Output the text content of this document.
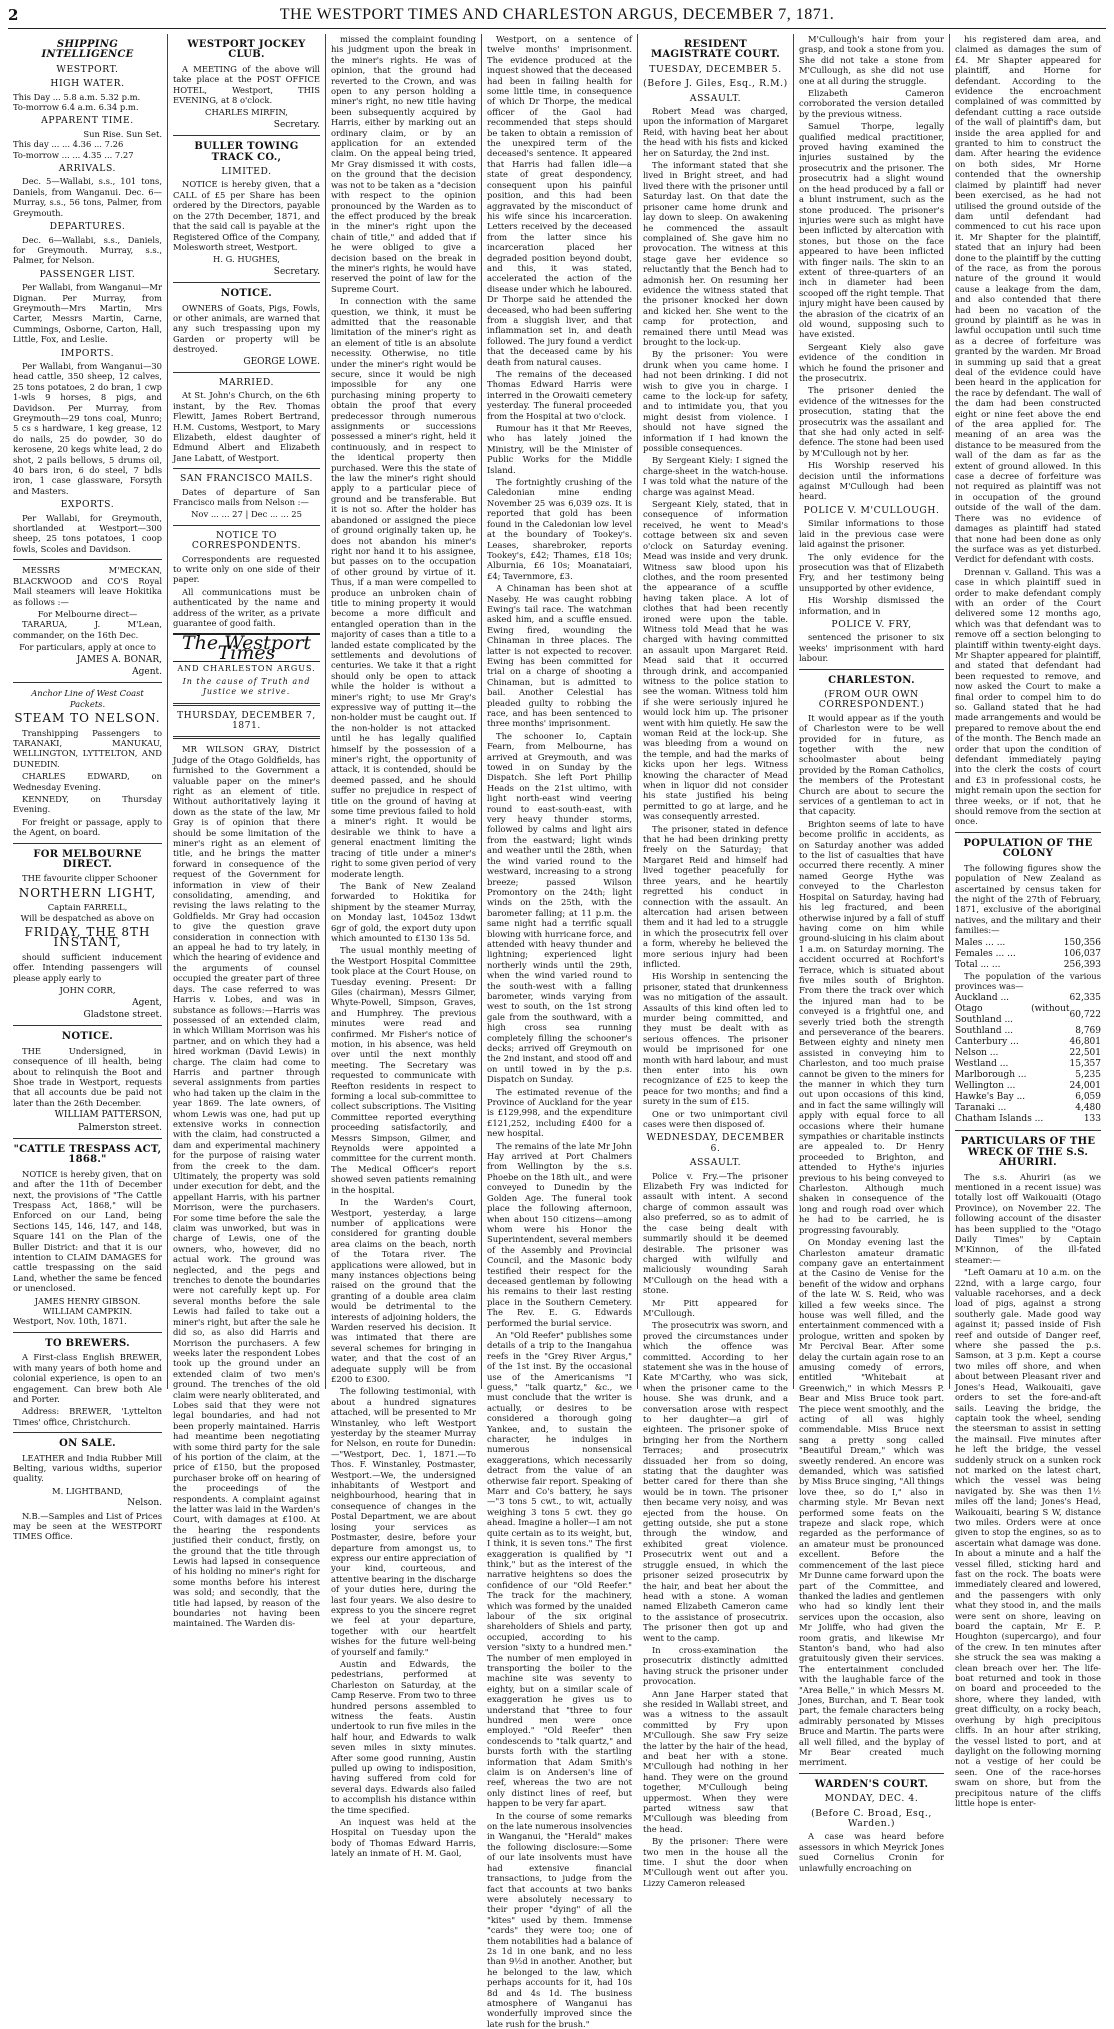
2	THE WESTPORT TIMES AND CHARLESTON ARGUS, DECEMBER 7, 1871.
SHIPPING INTELLIGENCE
WESTPORT.
HIGH WATER.
This Day ... 5.8 a.m. 5.32 p.m.
To-morrow 6.4 a.m. 6.34 p.m.
APPARENT TIME.
Sun Rise. Sun Set.
This day ... ... 4.36 ... 7.26
To-morrow ... ... 4.35 ... 7.27
ARRIVALS.

Dec. 5—Wallabi, s.s., 101 tons, Daniels, from Wanganui. Dec. 6—Murray, s.s., 56 tons, Palmer, from Greymouth.

DEPARTURES.

Dec. 6—Wallabi, s.s., Daniels, for Greymouth. Murray, s.s., Palmer, for Nelson.

PASSENGER LIST.

Per Wallabi, from Wanganui—Mr Dignan. Per Murray, from Greymouth—Mrs Martin, Mrs Carter, Messrs Martin, Carne, Cummings, Osborne, Carton, Hall, Little, Fox, and Leslie.

IMPORTS.

Per Wallabi, from Wanganui—30 head cattle, 350 sheep, 12 calves, 25 tons potatoes, 2 do bran, 1 cwp 1-wls 9 horses, 8 pigs, and Davidson. Per Murray, from Greymouth—29 tons coal, Munro; 5 cs s hardware, 1 keg grease, 12 do nails, 25 do powder, 30 do kerosene, 20 kegs white lead, 2 do shot, 2 pails bellows, 5 drums oil, 40 bars iron, 6 do steel, 7 bdls iron, 1 case glassware, Forsyth and Masters.

EXPORTS.

Per Wallabi, for Greymouth, shortlanded at Westport—300 sheep, 25 tons potatoes, 1 coop fowls, Scoles and Davidson.

MESSRS M'MECKAN, BLACKWOOD and CO'S Royal Mail steamers will leave Hokitika as follows :—

For Melbourne direct—

TARARUA, J. M'Lean, commander, on the 16th Dec.

For particulars, apply at once to
JAMES A. BONAR,
Agent.
Anchor Line of West Coast Packets.
STEAM TO NELSON.

Transhipping Passengers to TARANAKI, MANUKAU, WELLINGTON, LYTTELTON, AND DUNEDIN.

CHARLES EDWARD, on Wednesday Evening.

KENNEDY, on Thursday Evening.

For freight or passage, apply to the Agent, on board.

FOR MELBOURNE DIRECT.

THE favourite clipper Schooner

NORTHERN LIGHT,
Captain FARRELL,
Will be despatched as above on
FRIDAY, THE 8TH INSTANT,

should sufficient inducement offer. Intending passengers will please apply early to

JOHN CORR,
Agent,
Gladstone street.
NOTICE.

THE Undersigned, in consequence of ill health, being about to relinquish the Boot and Shoe trade in Westport, requests that all accounts due be paid not later than the 26th December.

WILLIAM PATTERSON,
Palmerston street.
"CATTLE TRESPASS ACT, 1868."

NOTICE is hereby given, that on and after the 11th of December next, the provisions of "The Cattle Trespass Act, 1868," will be Enforced on our Land, being Sections 145, 146, 147, and 148, Square 141 on the Plan of the Buller District: and that it is our intention to CLAIM DAMAGES for cattle trespassing on the said Land, whether the same be fenced or unenclosed.

JAMES HENRY GIBSON.
WILLIAM CAMPKIN.
Westport, Nov. 10th, 1871.
TO BREWERS.

A First-class English BREWER, with many years of both home and colonial experience, is open to an engagement. Can brew both Ale and Porter.

Address: BREWER, 'Lyttelton Times' office, Christchurch.

ON SALE.

LEATHER and India Rubber Mill Belting, various widths, superior quality.

M. LIGHTBAND,
Nelson.

N.B.—Samples and List of Prices may be seen at the WESTPORT TIMES Office.

WESTPORT JOCKEY CLUB.

A MEETING of the above will take place at the POST OFFICE HOTEL, Westport, THIS EVENING, at 8 o'clock.

CHARLES MIRFIN,
Secretary.
BULLER TOWING TRACK CO.,
LIMITED.

NOTICE is hereby given, that a CALL of £5 per Share has been ordered by the Directors, payable on the 27th December, 1871, and that the said call is payable at the Registered Office of the Company, Molesworth street, Westport.

H. G. HUGHES,
Secretary.
NOTICE.

OWNERS of Goats, Pigs, Fowls, or other animals, are warned that any such trespassing upon my Garden or property will be destroyed.

GEORGE LOWE.
MARRIED.

At St. John's Church, on the 6th instant, by the Rev. Thomas Flewitt, James Robert Bertrand, H.M. Customs, Westport, to Mary Elizabeth, eldest daughter of Edmund Albert and Elizabeth Jane Labatt, of Westport.

SAN FRANCISCO MAILS.

Dates of departure of San Francisco mails from Nelson :—

Nov ... ... 27 | Dec ... ... 25
NOTICE TO CORRESPONDENTS.

Correspondents are requested to write only on one side of their paper.

All communications must be authenticated by the name and address of the writer, as a private guarantee of good faith.

The Westport Times
AND CHARLESTON ARGUS.
In the cause of Truth and Justice we strive.
THURSDAY, DECEMBER 7, 1871.

MR WILSON GRAY, District Judge of the Otago Goldfields, has furnished to the Government a valuable paper on the miner's right as an element of title. Without authoritatively laying it down as the state of the law, Mr Gray is of opinion that there should be some limitation of the miner's right as an element of title, and he brings the matter forward in consequence of the request of the Government for information in view of their consolidating, amending, and revising the laws relating to the Goldfields. Mr Gray had occasion to give the question grave consideration in connection with an appeal he had to try lately, in which the hearing of evidence and the arguments of counsel occupied the greater part of three days. The case referred to was Harris v. Lobes, and was in substance as follows:—Harris was possessed of an extended claim, in which William Morrison was his partner, and on which they had a hired workman (David Lewis) in charge. The claim had come to Harris and partner through several assignments from parties who had taken up the claim in the year 1869. The late owners, of whom Lewis was one, had put up extensive works in connection with the claim, had constructed a dam and experimental machinery for the purpose of raising water from the creek to the dam. Ultimately, the property was sold under execution for debt, and the appellant Harris, with his partner Morrison, were the purchasers. For some time before the sale the claim was unworked, but was in charge of Lewis, one of the owners, who, however, did no actual work. The ground was neglected, and the pegs and trenches to denote the boundaries were not carefully kept up. For several months before the sale Lewis had failed to take out a miner's right, but after the sale he did so, as also did Harris and Morrison the purchasers. A few weeks later the respondent Lobes took up the ground under an extended claim of two men's ground. The trenches of the old claim were nearly obliterated, and Lobes said that they were not legal boundaries, and had not been properly maintained. Harris had meantime been negotiating with some third party for the sale of his portion of the claim, at the price of £150, but the proposed purchaser broke off on hearing of the proceedings of the respondents. A complaint against the latter was laid in the Warden's Court, with damages at £100. At the hearing the respondents justified their conduct, firstly, on the ground that the title through Lewis had lapsed in consequence of his holding no miner's right for some months before his interest was sold; and secondly, that the title had lapsed, by reason of the boundaries not having been maintained. The Warden dis-

missed the complaint founding his judgment upon the break in the miner's rights. He was of opinion, that the ground had reverted to the Crown, and was open to any person holding a miner's right, no new title having been subsequently acquired by Harris, either by marking out an ordinary claim, or by an application for an extended claim. On the appeal being tried, Mr Gray dismissed it with costs, on the ground that the decision was not to be taken as a "decision with respect to the opinion pronounced by the Warden as to the effect produced by the break in the miner's right upon the chain of title," and added that if he were obliged to give a decision based on the break in the miner's rights, he would have reserved the point of law for the Supreme Court.

In connection with the same question, we think, it must be admitted that the reasonable limitation of the miner's right as an element of title is an absolute necessity. Otherwise, no title under the miner's right would be secure, since it would be nigh impossible for any one purchasing mining property to obtain the proof that every predecessor through numerous assignments or successions possessed a miner's right, held it continuously, and in respect to the identical property then purchased. Were this the state of the law the miner's right should apply to a particular piece of ground and be transferable. But it is not so. After the holder has abandoned or assigned the piece of ground originally taken up, he does not abandon his miner's right nor hand it to his assignee, but passes on to the occupation of other ground by virtue of it. Thus, if a man were compelled to produce an unbroken chain of title to mining property it would become a more difficult and entangled operation than in the majority of cases than a title to a landed estate complicated by the settlements and devolutions of centuries. We take it that a right should only be open to attack while the holder is without a miner's right; to use Mr Gray's expressive way of putting it—the non-holder must be caught out. If the non-holder is not attacked until he has legally qualified himself by the possession of a miner's right, the opportunity of attack, it is contended, should be deemed passed, and he should suffer no prejudice in respect of title on the ground of having at some time previous failed to hold a miner's right. It would be desirable we think to have a general enactment limiting the tracing of title under a miner's right to some given period of very moderate length.

The Bank of New Zealand forwarded to Hokitika for shipment by the steamer Murray, on Monday last, 1045oz 13dwt 6gr of gold, the export duty upon which amounted to £130 13s 5d.

The usual monthly meeting of the Westport Hospital Committee took place at the Court House, on Tuesday evening. Present: Dr Giles (chairman), Messrs Gilmer, Whyte-Powell, Simpson, Graves, and Humphrey. The previous minutes were read and confirmed. Mr Fisher's notice of motion, in his absence, was held over until the next monthly meeting. The Secretary was requested to communicate with Reefton residents in respect to forming a local sub-committee to collect subscriptions. The Visiting Committee reported everything proceeding satisfactorily, and Messrs Simpson, Gilmer, and Reynolds were appointed a committee for the current month. The Medical Officer's report showed seven patients remaining in the hospital.

In the Warden's Court, Westport, yesterday, a large number of applications were considered for granting double area claims on the beach, north of the Totara river. The applications were allowed, but in many instances objections being raised on the ground that the granting of a double area claim would be detrimental to the interests of adjoining holders, the Warden reserved his decision. It was intimated that there are several schemes for bringing in water, and that the cost of an adequate supply will be from £200 to £300.

The following testimonial, with about a hundred signatures attached, will be presented to Mr Winstanley, who left Westport yesterday by the steamer Murray for Nelson, en route for Dunedin:—"Westport, Dec. 1, 1871.—To Thos. F. Winstanley, Postmaster, Westport.—We, the undersigned inhabitants of Westport and neighbourhood, hearing that in consequence of changes in the Postal Department, we are about losing your services as Postmaster, desire, before your departure from amongst us, to express our entire appreciation of your kind, courteous, and attentive bearing in the discharge of your duties here, during the last four years. We also desire to express to you the sincere regret we feel at your departure, together with our heartfelt wishes for the future well-being of yourself and family."

Austin and Edwards, the pedestrians, performed at Charleston on Saturday, at the Camp Reserve. From two to three hundred persons assembled to witness the feats. Austin undertook to run five miles in the half hour, and Edwards to walk seven miles in sixty minutes. After some good running, Austin pulled up owing to indisposition, having suffered from cold for several days. Edwards also failed to accomplish his distance within the time specified.

An inquest was held at the Hospital on Tuesday upon the body of Thomas Edward Harris, lately an inmate of H. M. Gaol,

Westport, on a sentence of twelve months' imprisonment. The evidence produced at the inquest showed that the deceased had been in failing health for some little time, in consequence of which Dr Thorpe, the medical officer of the Gaol had recommended that steps should be taken to obtain a remission of the unexpired term of the deceased's sentence. It appeared that Harris had fallen idle—a state of great despondency, consequent upon his painful position, and this had been aggravated by the misconduct of his wife since his incarceration. Letters received by the deceased from the latter since his incarceration placed her degraded position beyond doubt, and this, it was stated, accelerated the action of the disease under which he laboured. Dr Thorpe said he attended the deceased, who had been suffering from a sluggish liver, and that inflammation set in, and death followed. The jury found a verdict that the deceased came by his death from natural causes.

The remains of the deceased Thomas Edward Harris were interred in the Orowaiti cemetery yesterday. The funeral proceeded from the Hospital at two o'clock.

Rumour has it that Mr Reeves, who has lately joined the Ministry, will be the Minister of Public Works for the Middle Island.

The fortnightly crushing of the Caledonian mine ending November 25 was 6,039 ozs. It is reported that gold has been found in the Caledonian low level at the boundary of Tookey's. Leases, sharebroker, reports Tookey's, £42; Thames, £18 10s; Alburnia, £6 10s; Moanataiari, £4; Tavernmore, £3.

A Chinaman has been shot at Naseby. He was caught robbing Ewing's tail race. The watchman asked him, and a scuffle ensued. Ewing fired, wounding the Chinaman in three places. The latter is not expected to recover. Ewing has been committed for trial on a charge of shooting a Chinaman, but is admitted to bail. Another Celestial has pleaded guilty to robbing the race, and has been sentenced to three months' imprisonment.

The schooner Io, Captain Fearn, from Melbourne, has arrived at Greymouth, and was towed in on Sunday by the Dispatch. She left Port Phillip Heads on the 21st ultimo, with light north-east wind veering round to east-south-east, with very heavy thunder storms, followed by calms and light airs from the eastward; light winds and weather until the 28th, when the wind varied round to the westward, increasing to a strong breeze; passed Wilson Promontory on the 24th; light winds on the 25th, with the barometer falling; at 11 p.m. the same night had a terrific squall blowing with hurricane force, and attended with heavy thunder and lightning; experienced light northerly winds until the 29th, when the wind varied round to the south-west with a falling barometer, winds varying from west to south, on the 1st strong gale from the southward, with a high cross sea running completely filling the schooner's decks; arrived off Greymouth on the 2nd instant, and stood off and on until towed in by the p.s. Dispatch on Sunday.

The estimated revenue of the Province of Auckland for the year is £129,998, and the expenditure £121,252, including £400 for a new hospital.

The remains of the late Mr John Hay arrived at Port Chalmers from Wellington by the s.s. Phoebe on the 18th ult., and were conveyed to Dunedin by the Golden Age. The funeral took place the following afternoon, when about 150 citizens—among whom were his Honor the Superintendent, several members of the Assembly and Provincial Council, and the Masonic body testified their respect for the deceased gentleman by following his remains to their last resting place in the Southern Cemetery. The Rev. E. G. Edwards performed the burial service.

An "Old Reefer" publishes some details of a trip to the Inangahua reefs in the "Grey River Argus," of the 1st inst. By the occasional use of the Americanisms "I guess," "talk quartz," &c., we must conclude that the writer is actually, or desires to be considered a thorough going Yankee, and, to sustain the character, he indulges in numerous nonsensical exaggerations, which necessarily detract from the value of an otherwise fair report. Speaking of Marr and Co's battery, he says—"3 tons 5 cwt., to wit, actually weighing 3 tons 5 cwt. they go ahead. Imagine a holler—I am not quite certain as to its weight, but, I think, it is seven tons." The first exaggeration is qualified by "I think," but as the interest of the narrative heightens so does the confidence of our "Old Reefer." The track for the machinery, which was formed by the unaided labour of the six original shareholders of Shiels and party, occupied, according to his version "sixty to a hundred men." The number of men employed in transporting the boiler to the machine site was seventy to eighty, but on a similar scale of exaggeration he gives us to understand that "three to four hundred men were once employed." "Old Reefer" then condescends to "talk quartz," and bursts forth with the startling information that Adam Smith's claim is on Andersen's line of reef, whereas the two are not only distinct lines of reef, but happen to be very far apart.

In the course of some remarks on the late numerous insolvencies in Wanganui, the "Herald" makes the following disclosure:—Some of our late insolvents must have had extensive financial transactions, to judge from the fact that accounts at two banks were absolutely necessary to their proper "dying" of all the "kites" used by them. Immense "cards" they were too; one of them notabilities had a balance of 2s 1d in one bank, and no less than 9½d in another. Another, but he belonged to the law, which perhaps accounts for it, had 10s 8d and 4s 1d. The business atmosphere of Wanganui has wonderfully improved since the late rush for the brush."

RESIDENT MAGISTRATE COURT.
TUESDAY, DECEMBER 5.
(Before J. Giles, Esq., R.M.)
ASSAULT.

Robert Mead was charged, upon the information of Margaret Reid, with having beat her about the head with his fists and kicked her on Saturday, the 2nd inst.

The informant stated that she lived in Bright street, and had lived there with the prisoner until Saturday last. On that date the prisoner came home drunk and lay down to sleep. On awakening he commenced the assault complained of. She gave him no provocation. The witness at this stage gave her evidence so reluctantly that the Bench had to admonish her. On resuming her evidence the witness stated that the prisoner knocked her down and kicked her. She went to the camp for protection, and remained there until Mead was brought to the lock-up.

By the prisoner: You were drunk when you came home. I had not been drinking. I did not wish to give you in charge. I came to the lock-up for safety, and to intimidate you, that you might desist from violence. I should not have signed the information if I had known the possible consequences.

By Sergeant Kiely: I signed the charge-sheet in the watch-house. I was told what the nature of the charge was against Mead.

Sergeant Kiely, stated, that in consequence of information received, he went to Mead's cottage between six and seven o'clock on Saturday evening. Mead was inside and very drunk. Witness saw blood upon his clothes, and the room presented the appearance of a scuffle having taken place. A lot of clothes that had been recently ironed were upon the table. Witness told Mead that he was charged with having committed an assault upon Margaret Reid. Mead said that it occurred through drink, and accompanied witness to the police station to see the woman. Witness told him if she were seriously injured he would lock him up. The prisoner went with him quietly. He saw the woman Reid at the lock-up. She was bleeding from a wound on the temple, and had the marks of kicks upon her legs. Witness knowing the character of Mead when in liquor did not consider his state justified his being permitted to go at large, and he was consequently arrested.

The prisoner, stated in defence that he had been drinking pretty freely on the Saturday; that Margaret Reid and himself had lived together peacefully for three years, and he heartily regretted his conduct in connection with the assault. An altercation had arisen between them and it had led to a struggle in which the prosecutrix fell over a form, whereby he believed the more serious injury had been inflicted.

His Worship in sentencing the prisoner, stated that drunkenness was no mitigation of the assault. Assaults of this kind often led to murder being committed, and they must be dealt with as serious offences. The prisoner would be imprisoned for one month with hard labour, and must then enter into his own recognizance of £25 to keep the peace for two months; and find a surety in the sum of £15.

One or two unimportant civil cases were then disposed of.

WEDNESDAY, DECEMBER 6.
ASSAULT.

Police v. Fry.—The prisoner Elizabeth Fry was indicted for assault with intent. A second charge of common assault was also preferred, so as to admit of the case being dealt with summarily should it be deemed desirable. The prisoner was charged with wilfully and maliciously wounding Sarah M'Cullough on the head with a stone.

Mr Pitt appeared for M'Cullough.

The prosecutrix was sworn, and proved the circumstances under which the offence was committed. According to her statement she was in the house of Kate M'Carthy, who was sick, when the prisoner came to the house. She was drunk, and a conversation arose with respect to her daughter—a girl of eighteen. The prisoner spoke of bringing her from the Northern Terraces; and prosecutrix dissuaded her from so doing, stating that the daughter was better cared for there than she would be in town. The prisoner then became very noisy, and was ejected from the house. On getting outside, she put a stone through the window, and exhibited great violence. Prosecutrix went out and a struggle ensued, in which the prisoner seized prosecutrix by the hair, and beat her about the head with a stone. A woman named Elizabeth Cameron came to the assistance of prosecutrix. The prisoner then got up and went to the camp.

In cross-examination the prosecutrix distinctly admitted having struck the prisoner under provocation.

Ann Jane Harper stated that she resided in Wallabi street, and was a witness to the assault committed by Fry upon M'Cullough. She saw Fry seize the latter by the hair of the head, and beat her with a stone. M'Cullough had nothing in her hand. They were on the ground together, M'Cullough being uppermost. When they were parted witness saw that M'Cullough was bleeding from the head.

By the prisoner: There were two men in the house all the time. I shut the door when M'Cullough went out after you. Lizzy Cameron released

M'Cullough's hair from your grasp, and took a stone from you. She did not take a stone from M'Cullough, as she did not use one at all during the struggle.

Elizabeth Cameron corroborated the version detailed by the previous witness.

Samuel Thorpe, legally qualified medical practitioner, proved having examined the injuries sustained by the prosecutrix and the prisoner. The prosecutrix had a slight wound on the head produced by a fall or a blunt instrument, such as the stone produced. The prisoner's injuries were such as might have been inflicted by altercation with stones, but those on the face appeared to have been inflicted with finger nails. The skin to an extent of three-quarters of an inch in diameter had been scooped off the right temple. That injury might have been caused by the abrasion of the cicatrix of an old wound, supposing such to have existed.

Sergeant Kiely also gave evidence of the condition in which he found the prisoner and the prosecutrix.

The prisoner denied the evidence of the witnesses for the prosecution, stating that the prosecutrix was the assailant and that she had only acted in self-defence. The stone had been used by M'Cullough not by her.

His Worship reserved his decision until the informations against M'Cullough had been heard.

POLICE V. M'CULLOUGH.

Similar informations to those laid in the previous case were laid against the prisoner.

The only evidence for the prosecution was that of Elizabeth Fry, and her testimony being unsupported by other evidence,

His Worship dismissed the information, and in

POLICE V. FRY,

sentenced the prisoner to six weeks' imprisonment with hard labour.

CHARLESTON.
(FROM OUR OWN CORRESPONDENT.)

It would appear as if the youth of Charleston were to be well provided for in future, as together with the new schoolmaster about being provided by the Roman Catholics, the members of the Protestant Church are about to secure the services of a gentleman to act in that capacity.

Brighton seems of late to have become prolific in accidents, as on Saturday another was added to the list of casualties that have occurred there recently. A miner named George Hythe was conveyed to the Charleston Hospital on Saturday, having had his leg fractured, and been otherwise injured by a fall of stuff having come on him while ground-sluicing in his claim about 1 a.m. on Saturday morning. The accident occurred at Rochfort's Terrace, which is situated about five miles south of Brighton. From there the track over which the injured man had to be conveyed is a frightful one, and severly tried both the strength and perseverance of the bearers. Between eighty and ninety men assisted in conveying him to Charleston, and too much praise cannot be given to the miners for the manner in which they turn out upon occasions of this kind, and in fact the same willingly will apply with equal force to all occasions where their humane sympathies or charitable instincts are appealed to. Dr Henry proceeded to Brighton, and attended to Hythe's injuries previous to his being conveyed to Charleston. Although much shaken in consequence of the long and rough road over which he had to be carried, he is progressing favourably.

On Monday evening last the Charleston amateur dramatic company gave an entertainment at the Casino de Venise for the benefit of the widow and orphans of the late W. S. Reid, who was killed a few weeks since. The house was well filled, and the entertainment commenced with a prologue, written and spoken by Mr Percival Bear. After some delay the curtain again rose to an amusing comedy of errors, entitled "Whitebait at Greenwich," in which Messrs P. Bear and Miss Bruce took part. The piece went smoothly, and the acting of all was highly commendable. Miss Bruce next sang a pretty song called "Beautiful Dream," which was sweetly rendered. An encore was demanded, which was satisfied by Miss Bruce singing, "All things love thee, so do I," also in charming style. Mr Bevan next performed some feats on the trapeze and slack rope, which regarded as the performance of an amateur must be pronounced excellent. Before the commencement of the last piece Mr Dunne came forward upon the part of the Committee, and thanked the ladies and gentlemen who had so kindly lent their services upon the occasion, also Mr Joliffe, who had given the room gratis, and likewise Mr Stanton's band, who had also gratuitously given their services. The entertainment concluded with the laughable farce of the "Area Belle," in which Messrs M. Jones, Burchan, and T. Bear took part, the female characters being admirably personated by Misses Bruce and Martin. The parts were all well filled, and the byplay of Mr Bear created much merriment.

WARDEN'S COURT.
MONDAY, DEC. 4.
(Before C. Broad, Esq., Warden.)

A case was heard before assessors in which Meyrick Jones sued Cornelius Cronin for unlawfully encroaching on

his registered dam area, and claimed as damages the sum of £4. Mr Shapter appeared for plaintiff, and Horne for defendant. According to the evidence the encroachment complained of was committed by defendant cutting a race outside of the wall of plaintiff's dam, but inside the area applied for and granted to him to construct the dam. After hearing the evidence on both sides, Mr Horne contended that the ownership claimed by plaintiff had never been exercised, as he had not utilised the ground outside of the dam until defendant had commenced to cut his race upon it. Mr Shapter for the plaintiff, stated that an injury had been done to the plaintiff by the cutting of the race, as from the porous nature of the ground it would cause a leakage from the dam, and also contended that there had been no vacation of the ground by plaintiff as he was in lawful occupation until such time as a decree of forfeiture was granted by the warden. Mr Broad in summing up said that a great deal of the evidence could have been heard in the application for the race by defendant. The wall of the dam had been constructed eight or nine feet above the end of the area applied for. The meaning of an area was the distance to be measured from the wall of the dam as far as the extent of ground allowed. In this case a decree of forfeiture was not required as plaintiff was not in occupation of the ground outside of the wall of the dam. There was no evidence of damages as plaintiff had stated that none had been done as only the surface was as yet disturbed. Verdict for defendant with costs.

Drennan v. Galland. This was a case in which plaintiff sued in order to make defendant comply with an order of the Court delivered some 12 months ago, which was that defendant was to remove off a section belonging to plaintiff within twenty-eight days. Mr Shapter appeared for plaintiff, and stated that defendant had been requested to remove, and now asked the Court to make a final order to compel him to do so. Galland stated that he had made arrangements and would be prepared to remove about the end of the month. The Bench made an order that upon the condition of defendant immediately paying into the clerk the costs of court and £3 in professional costs, he might remain upon the section for three weeks, or if not, that he should remove from the section at once.

POPULATION OF THE COLONY

The following figures show the population of New Zealand as ascertained by census taken for the night of the 27th of February, 1871, exclusive of the aboriginal natives, and the military and their families:—

Males ... ...	150,356
Females ... ...	106,037
Total ... ...	256,393

The population of the various provinces was—

Auckland ...	62,335
Otago (without Southland ...	60,722
Southland ...	8,769
Canterbury ...	46,801
Nelson ...	22,501
Westland ...	15,357
Marlborough ...	5,235
Wellington ...	24,001
Hawke's Bay ...	6,059
Taranaki ...	4,480
Chatham Islands ...	133
PARTICULARS OF THE WRECK OF THE S.S. AHURIRI.

The s.s. Ahuriri (as we mentioned in a recent issue) was totally lost off Waikouaiti (Otago Province), on November 22. The following account of the disaster has been supplied to the "Otago Daily Times" by Captain M'Kinnon, of the ill-fated steamer:—

"Left Oamaru at 10 a.m. on the 22nd, with a large cargo, four valuable racehorses, and a deck load of pigs, against a strong southerly gale. Made good way against it; passed inside of Fish reef and outside of Danger reef, where she passed the p.s. Samson, at 3 p.m. Kept a course two miles off shore, and when about between Pleasant river and Jones's Head, Waikouaiti, gave orders to set the fore-and-aft sails. Leaving the bridge, the captain took the wheel, sending the steersman to assist in setting the mainsail. Five minutes after he left the bridge, the vessel suddenly struck on a sunken rock not marked on the latest chart, which the vessel was being navigated by. She was then 1½ miles off the land; Jones's Head, Waikouaiti, bearing S W, distance two miles. Orders were at once given to stop the engines, so as to ascertain what damage was done. In about a minute and a half the vessel filled, sticking hard and fast on the rock. The boats were immediately cleared and lowered, and the passengers with only what they stood in, and the mails were sent on shore, leaving on board the captain, Mr E. P. Houghton (supercargo), and four of the crew. In ten minutes after she struck the sea was making a clean breach over her. The life-boat returned and took in those on board and proceeded to the shore, where they landed, with great difficulty, on a rocky beach, overhung by high precipitous cliffs. In an hour after striking, the vessel listed to port, and at daylight on the following morning not a vestige of her could be seen. One of the race-horses swam on shore, but from the precipitous nature of the cliffs little hope is enter-
